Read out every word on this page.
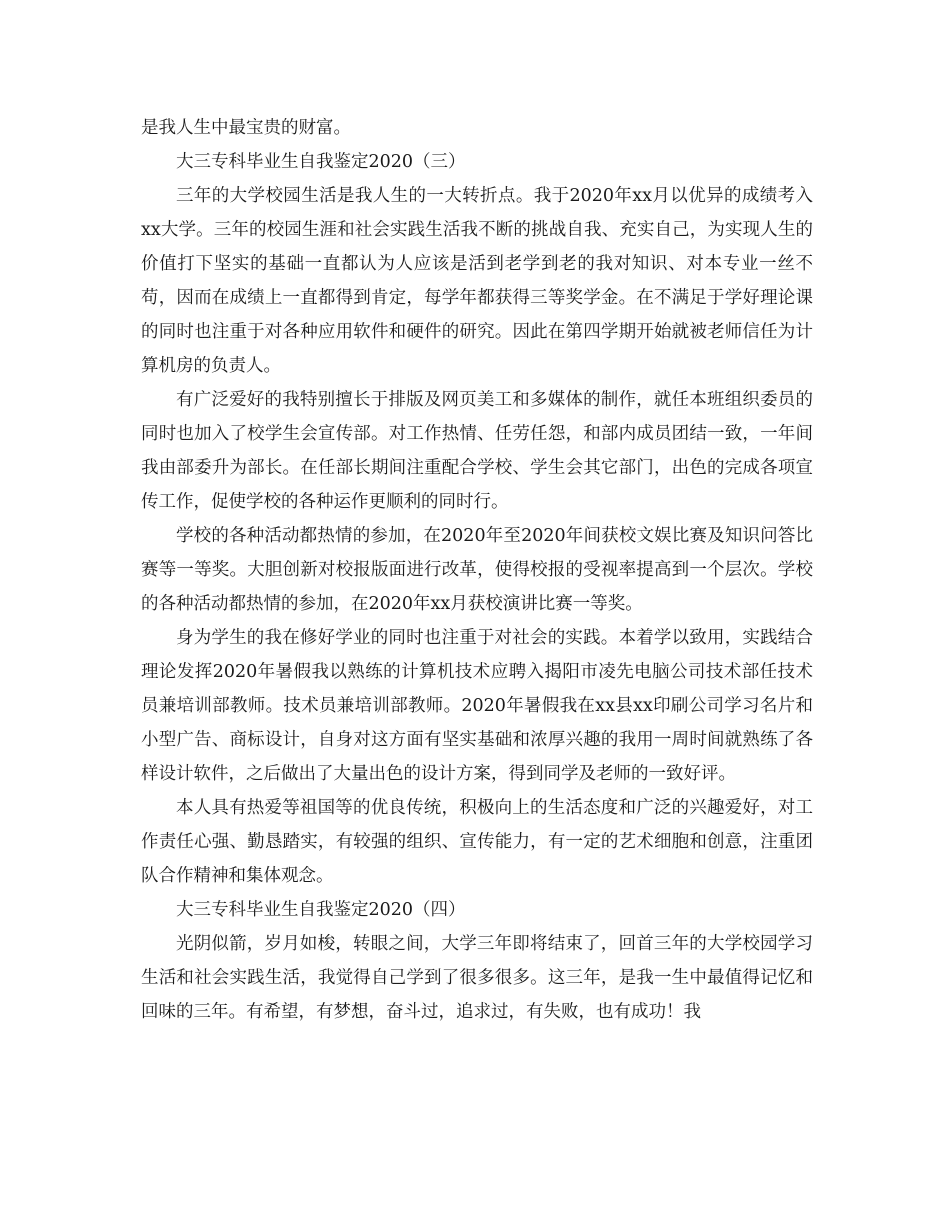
是我人生中最宝贵的财富。

大三专科毕业生自我鉴定2020（三）

三年的大学校园生活是我人生的一大转折点。我于2020年xx月以优异的成绩考入xx大学。三年的校园生涯和社会实践生活我不断的挑战自我、充实自己，为实现人生的价值打下坚实的基础一直都认为人应该是活到老学到老的我对知识、对本专业一丝不苟，因而在成绩上一直都得到肯定，每学年都获得三等奖学金。在不满足于学好理论课的同时也注重于对各种应用软件和硬件的研究。因此在第四学期开始就被老师信任为计算机房的负责人。

有广泛爱好的我特别擅长于排版及网页美工和多媒体的制作，就任本班组织委员的同时也加入了校学生会宣传部。对工作热情、任劳任怨，和部内成员团结一致，一年间我由部委升为部长。在任部长期间注重配合学校、学生会其它部门，出色的完成各项宣传工作，促使学校的各种运作更顺利的同时行。

学校的各种活动都热情的参加，在2020年至2020年间获校文娱比赛及知识问答比赛等一等奖。大胆创新对校报版面进行改革，使得校报的受视率提高到一个层次。学校的各种活动都热情的参加，在2020年xx月获校演讲比赛一等奖。

身为学生的我在修好学业的同时也注重于对社会的实践。本着学以致用，实践结合理论发挥2020年暑假我以熟练的计算机技术应聘入揭阳市凌先电脑公司技术部任技术员兼培训部教师。技术员兼培训部教师。2020年暑假我在xx县xx印刷公司学习名片和小型广告、商标设计，自身对这方面有坚实基础和浓厚兴趣的我用一周时间就熟练了各样设计软件，之后做出了大量出色的设计方案，得到同学及老师的一致好评。

本人具有热爱等祖国等的优良传统，积极向上的生活态度和广泛的兴趣爱好，对工作责任心强、勤恳踏实，有较强的组织、宣传能力，有一定的艺术细胞和创意，注重团队合作精神和集体观念。

大三专科毕业生自我鉴定2020（四）

光阴似箭，岁月如梭，转眼之间，大学三年即将结束了，回首三年的大学校园学习生活和社会实践生活，我觉得自己学到了很多很多。这三年，是我一生中最值得记忆和回味的三年。有希望，有梦想，奋斗过，追求过，有失败，也有成功！我
